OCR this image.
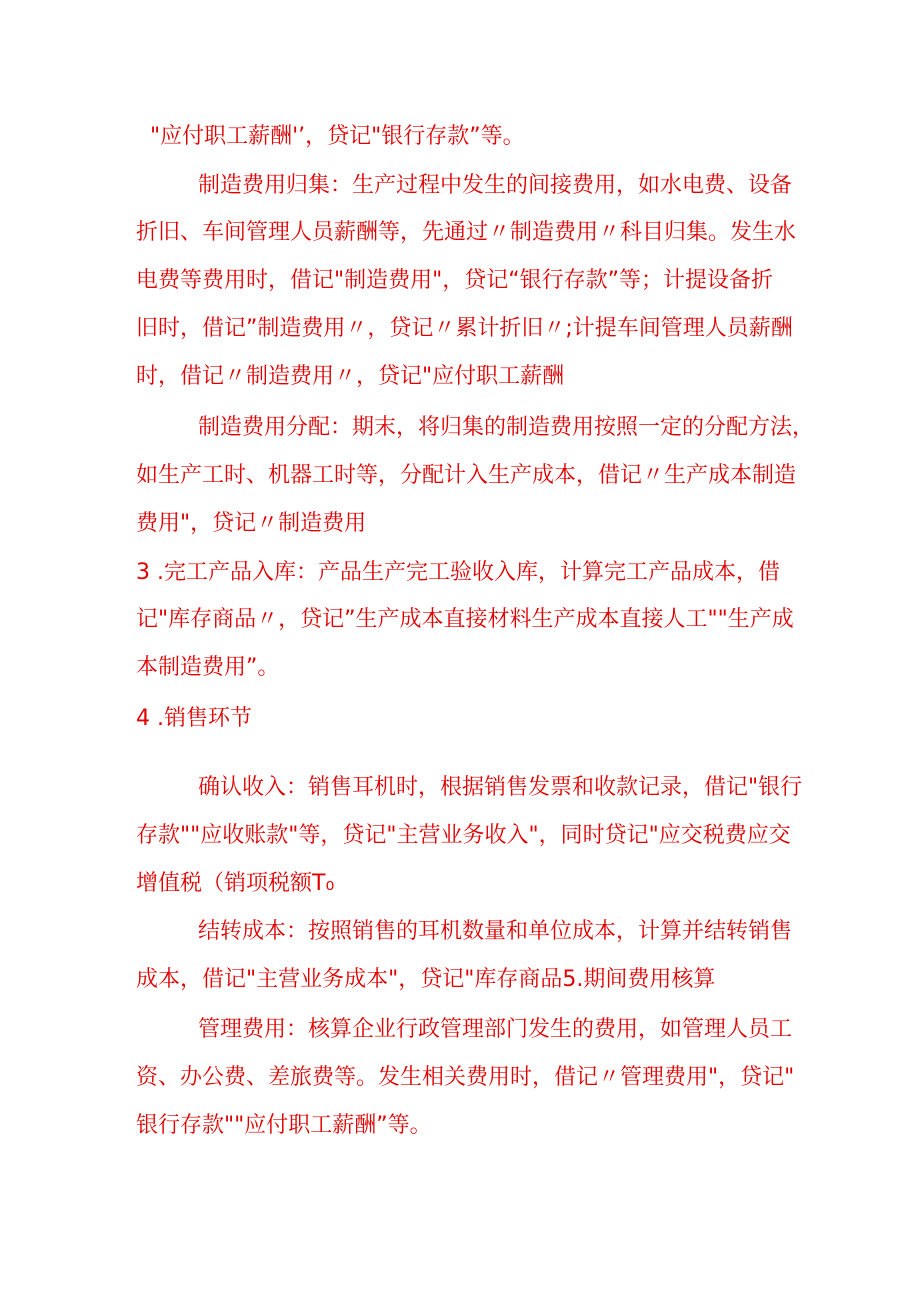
"应付职工薪酬'’，贷记"银行存款”等。
制造费用归集：生产过程中发生的间接费用，如水电费、设备
折旧、车间管理人员薪酬等，先通过〃制造费用〃科目归集。发生水
电费等费用时，借记"制造费用"，贷记“银行存款”等；计提设备折
旧时，借记”制造费用〃，贷记〃累计折旧〃;计提车间管理人员薪酬
时，借记〃制造费用〃，贷记"应付职工薪酬
制造费用分配：期末，将归集的制造费用按照一定的分配方法，
如生产工时、机器工时等，分配计入生产成本，借记〃生产成本制造
费用"，贷记〃制造费用
3 .完工产品入库：产品生产完工验收入库，计算完工产品成本，借
记"库存商品〃，贷记”生产成本直接材料生产成本直接人工""生产成
本制造费用”。
4 .销售环节
确认收入：销售耳机时，根据销售发票和收款记录，借记"银行
存款""应收账款"等，贷记"主营业务收入"，同时贷记"应交税费应交
增值税（销项税额T₀
结转成本：按照销售的耳机数量和单位成本，计算并结转销售
成本，借记"主营业务成本"，贷记"库存商品5.期间费用核算
管理费用：核算企业行政管理部门发生的费用，如管理人员工
资、办公费、差旅费等。发生相关费用时，借记〃管理费用"，贷记"
银行存款""应付职工薪酬”等。
